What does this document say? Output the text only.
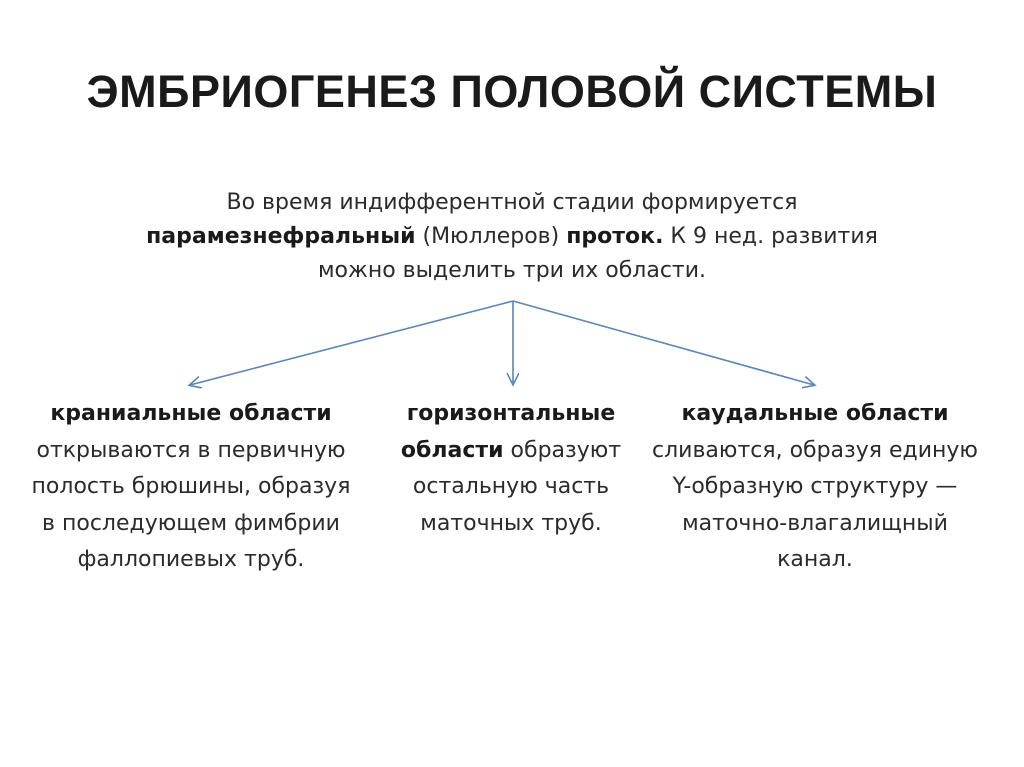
ЭМБРИОГЕНЕЗ ПОЛОВОЙ СИСТЕМЫ
Во время индифферентной стадии формируется парамезнефральный (Мюллеров) проток. К 9 нед. развития можно выделить три их области.
краниальные области открываются в первичную полость брюшины, образуя в последующем фимбрии фаллопиевых труб.
горизонтальные области образуют остальную часть маточных труб.
каудальные области сливаются, образуя единую Y-образную структуру — маточно-влагалищный канал.
